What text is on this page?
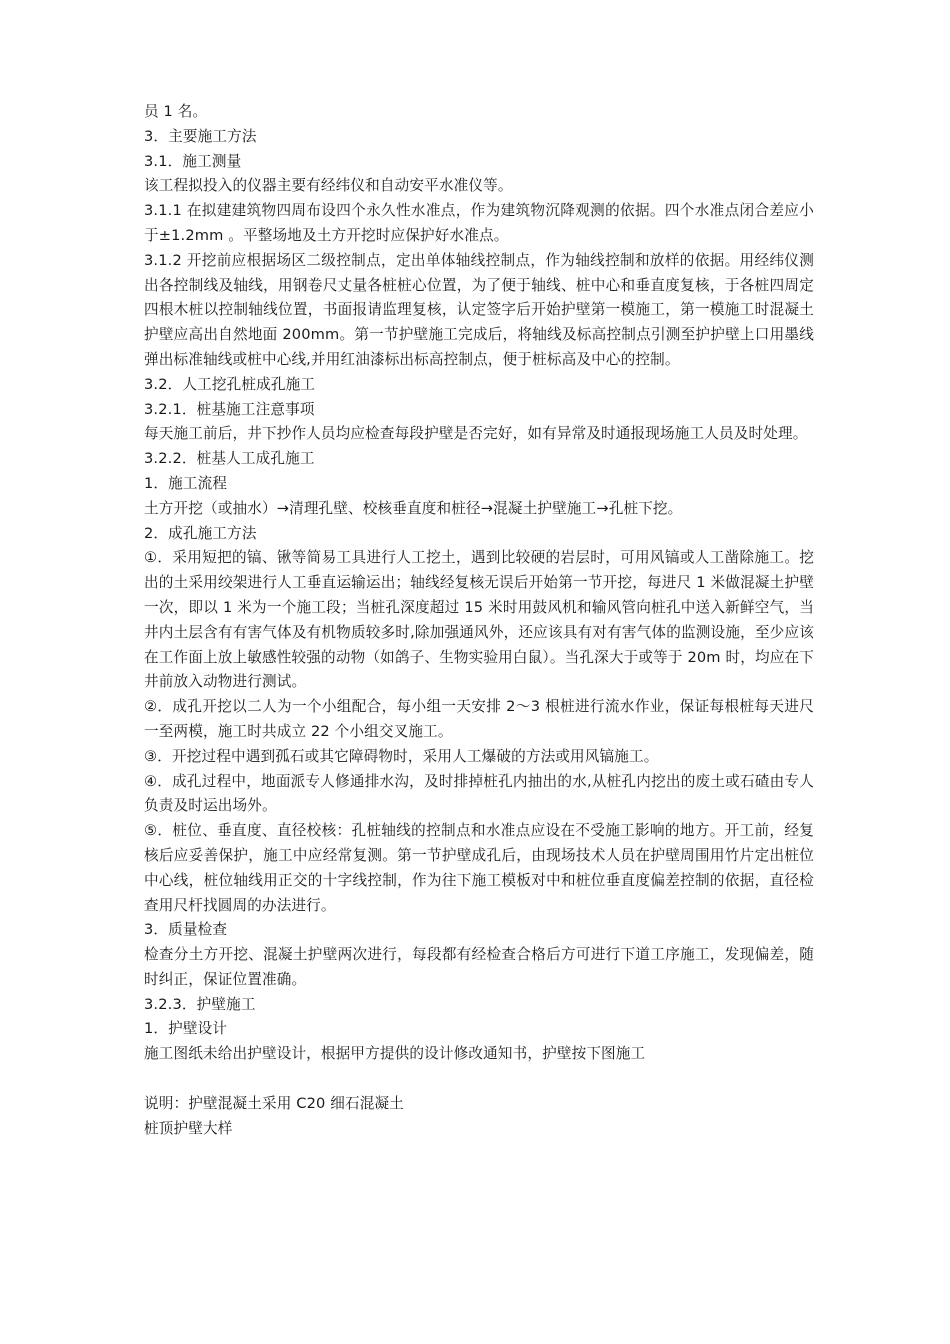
员 1 名。
3．主要施工方法
3.1．施工测量
该工程拟投入的仪器主要有经纬仪和自动安平水准仪等。
3.1.1 在拟建建筑物四周布设四个永久性水准点，作为建筑物沉降观测的依据。四个水准点闭合差应小于±1.2mm 。平整场地及土方开挖时应保护好水准点。
3.1.2 开挖前应根据场区二级控制点，定出单体轴线控制点，作为轴线控制和放样的依据。用经纬仪测出各控制线及轴线，用钢卷尺丈量各桩桩心位置，为了便于轴线、桩中心和垂直度复核，于各桩四周定四根木桩以控制轴线位置，书面报请监理复核，认定签字后开始护壁第一模施工，第一模施工时混凝土护壁应高出自然地面 200mm。第一节护壁施工完成后，将轴线及标高控制点引测至护护壁上口用墨线弹出标准轴线或桩中心线,并用红油漆标出标高控制点，便于桩标高及中心的控制。
3.2．人工挖孔桩成孔施工
3.2.1．桩基施工注意事项
每天施工前后，井下抄作人员均应检查每段护壁是否完好，如有异常及时通报现场施工人员及时处理。
3.2.2．桩基人工成孔施工
1．施工流程
土方开挖（或抽水）→清理孔壁、校核垂直度和桩径→混凝土护壁施工→孔桩下挖。
2．成孔施工方法
①．采用短把的镐、锹等简易工具进行人工挖土，遇到比较硬的岩层时，可用风镐或人工凿除施工。挖出的土采用绞架进行人工垂直运输运出；轴线经复核无误后开始第一节开挖，每进尺 1 米做混凝土护壁一次，即以 1 米为一个施工段；当桩孔深度超过 15 米时用鼓风机和输风管向桩孔中送入新鲜空气，当井内土层含有有害气体及有机物质较多时,除加强通风外，还应该具有对有害气体的监测设施，至少应该在工作面上放上敏感性较强的动物（如鸽子、生物实验用白鼠）。当孔深大于或等于 20m 时，均应在下井前放入动物进行测试。
②．成孔开挖以二人为一个小组配合，每小组一天安排 2～3 根桩进行流水作业，保证每根桩每天进尺一至两模，施工时共成立 22 个小组交叉施工。
③．开挖过程中遇到孤石或其它障碍物时，采用人工爆破的方法或用风镐施工。
④．成孔过程中，地面派专人修通排水沟，及时排掉桩孔内抽出的水,从桩孔内挖出的废土或石碴由专人负责及时运出场外。
⑤．桩位、垂直度、直径校核：孔桩轴线的控制点和水准点应设在不受施工影响的地方。开工前，经复核后应妥善保护，施工中应经常复测。第一节护壁成孔后，由现场技术人员在护壁周围用竹片定出桩位中心线，桩位轴线用正交的十字线控制，作为往下施工模板对中和桩位垂直度偏差控制的依据，直径检查用尺杆找圆周的办法进行。
3．质量检查
检查分土方开挖、混凝土护壁两次进行，每段都有经检查合格后方可进行下道工序施工，发现偏差，随时纠正，保证位置准确。
3.2.3．护壁施工
1．护壁设计
施工图纸未给出护壁设计，根据甲方提供的设计修改通知书，护壁按下图施工
说明：护壁混凝土采用 C20 细石混凝土
桩顶护壁大样
